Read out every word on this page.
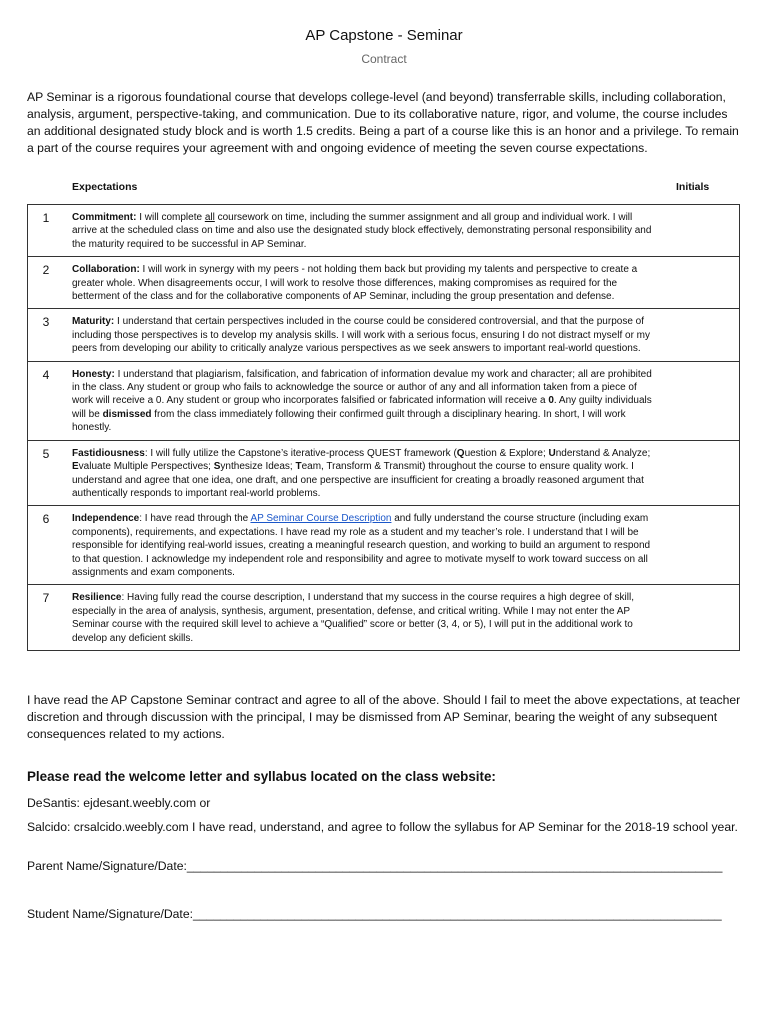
AP Capstone - Seminar

Contract

AP Seminar is a rigorous foundational course that develops college-level (and beyond) transferrable skills, including collaboration, analysis, argument, perspective-taking, and communication. Due to its collaborative nature, rigor, and volume, the course includes an additional designated study block and is worth 1.5 credits. Being a part of a course like this is an honor and a privilege. To remain a part of the course requires your agreement with and ongoing evidence of meeting the seven course expectations.

Expectations	Initials

1	Commitment: I will complete all coursework on time, including the summer assignment and all group and individual work. I will arrive at the scheduled class on time and also use the designated study block effectively, demonstrating personal responsibility and the maturity required to be successful in AP Seminar.	
2	Collaboration: I will work in synergy with my peers - not holding them back but providing my talents and perspective to create a greater whole. When disagreements occur, I will work to resolve those differences, making compromises as required for the betterment of the class and for the collaborative components of AP Seminar, including the group presentation and defense.	
3	Maturity: I understand that certain perspectives included in the course could be considered controversial, and that the purpose of including those perspectives is to develop my analysis skills. I will work with a serious focus, ensuring I do not distract myself or my peers from developing our ability to critically analyze various perspectives as we seek answers to important real-world questions.	
4	Honesty: I understand that plagiarism, falsification, and fabrication of information devalue my work and character; all are prohibited in the class. Any student or group who fails to acknowledge the source or author of any and all information taken from a piece of work will receive a 0. Any student or group who incorporates falsified or fabricated information will receive a 0. Any guilty individuals will be dismissed from the class immediately following their confirmed guilt through a disciplinary hearing. In short, I will work honestly.	
5	Fastidiousness: I will fully utilize the Capstone’s iterative-process QUEST framework (Question & Explore; Understand & Analyze; Evaluate Multiple Perspectives; Synthesize Ideas; Team, Transform & Transmit) throughout the course to ensure quality work. I understand and agree that one idea, one draft, and one perspective are insufficient for creating a broadly reasoned argument that authentically responds to important real-world problems.	
6	Independence: I have read through the AP Seminar Course Description and fully understand the course structure (including exam components), requirements, and expectations. I have read my role as a student and my teacher’s role. I understand that I will be responsible for identifying real-world issues, creating a meaningful research question, and working to build an argument to respond to that question. I acknowledge my independent role and responsibility and agree to motivate myself to work toward success on all assignments and exam components.	
7	Resilience: Having fully read the course description, I understand that my success in the course requires a high degree of skill, especially in the area of analysis, synthesis, argument, presentation, defense, and critical writing. While I may not enter the AP Seminar course with the required skill level to achieve a “Qualified” score or better (3, 4, or 5), I will put in the additional work to develop any deficient skills.	

I have read the AP Capstone Seminar contract and agree to all of the above. Should I fail to meet the above expectations, at teacher discretion and through discussion with the principal, I may be dismissed from AP Seminar, bearing the weight of any subsequent consequences related to my actions.

Please read the welcome letter and syllabus located on the class website:

DeSantis: ejdesant.weebly.com or

Salcido: crsalcido.weebly.com I have read, understand, and agree to follow the syllabus for AP Seminar for the 2018-19 school year.

Parent Name/Signature/Date:_______________________________________________________________________________

Student Name/Signature/Date:______________________________________________________________________________
